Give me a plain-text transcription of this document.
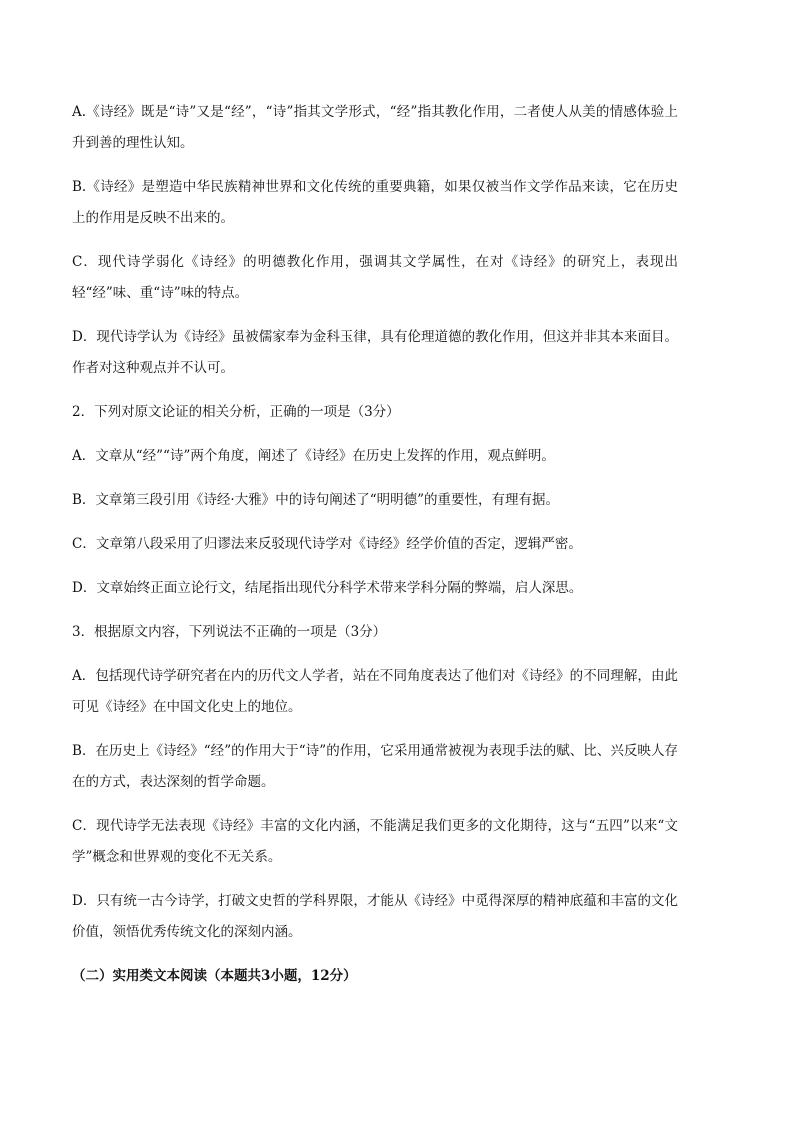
A.《诗经》既是“诗”又是“经”，“诗”指其文学形式，“经”指其教化作用，二者使人从美的情感体验上升到善的理性认知。

B.《诗经》是塑造中华民族精神世界和文化传统的重要典籍，如果仅被当作文学作品来读，它在历史上的作用是反映不出来的。

C．现代诗学弱化《诗经》的明德教化作用，强调其文学属性，在对《诗经》的研究上，表现出轻“经”味、重“诗”味的特点。

D．现代诗学认为《诗经》虽被儒家奉为金科玉律，具有伦理道德的教化作用，但这并非其本来面目。作者对这种观点并不认可。

2．下列对原文论证的相关分析，正确的一项是（3分）

A．文章从“经”“诗”两个角度，阐述了《诗经》在历史上发挥的作用，观点鲜明。

B．文章第三段引用《诗经·大雅》中的诗句阐述了“明明德”的重要性，有理有据。

C．文章第八段采用了归谬法来反驳现代诗学对《诗经》经学价值的否定，逻辑严密。

D．文章始终正面立论行文，结尾指出现代分科学术带来学科分隔的弊端，启人深思。

3．根据原文内容，下列说法不正确的一项是（3分）

A．包括现代诗学研究者在内的历代文人学者，站在不同角度表达了他们对《诗经》的不同理解，由此可见《诗经》在中国文化史上的地位。

B．在历史上《诗经》“经”的作用大于“诗”的作用，它采用通常被视为表现手法的赋、比、兴反映人存在的方式，表达深刻的哲学命题。

C．现代诗学无法表现《诗经》丰富的文化内涵，不能满足我们更多的文化期待，这与“五四”以来“文学”概念和世界观的变化不无关系。

D．只有统一古今诗学，打破文史哲的学科界限，才能从《诗经》中觅得深厚的精神底蕴和丰富的文化价值，领悟优秀传统文化的深刻内涵。

（二）实用类文本阅读（本题共3小题，12分）
